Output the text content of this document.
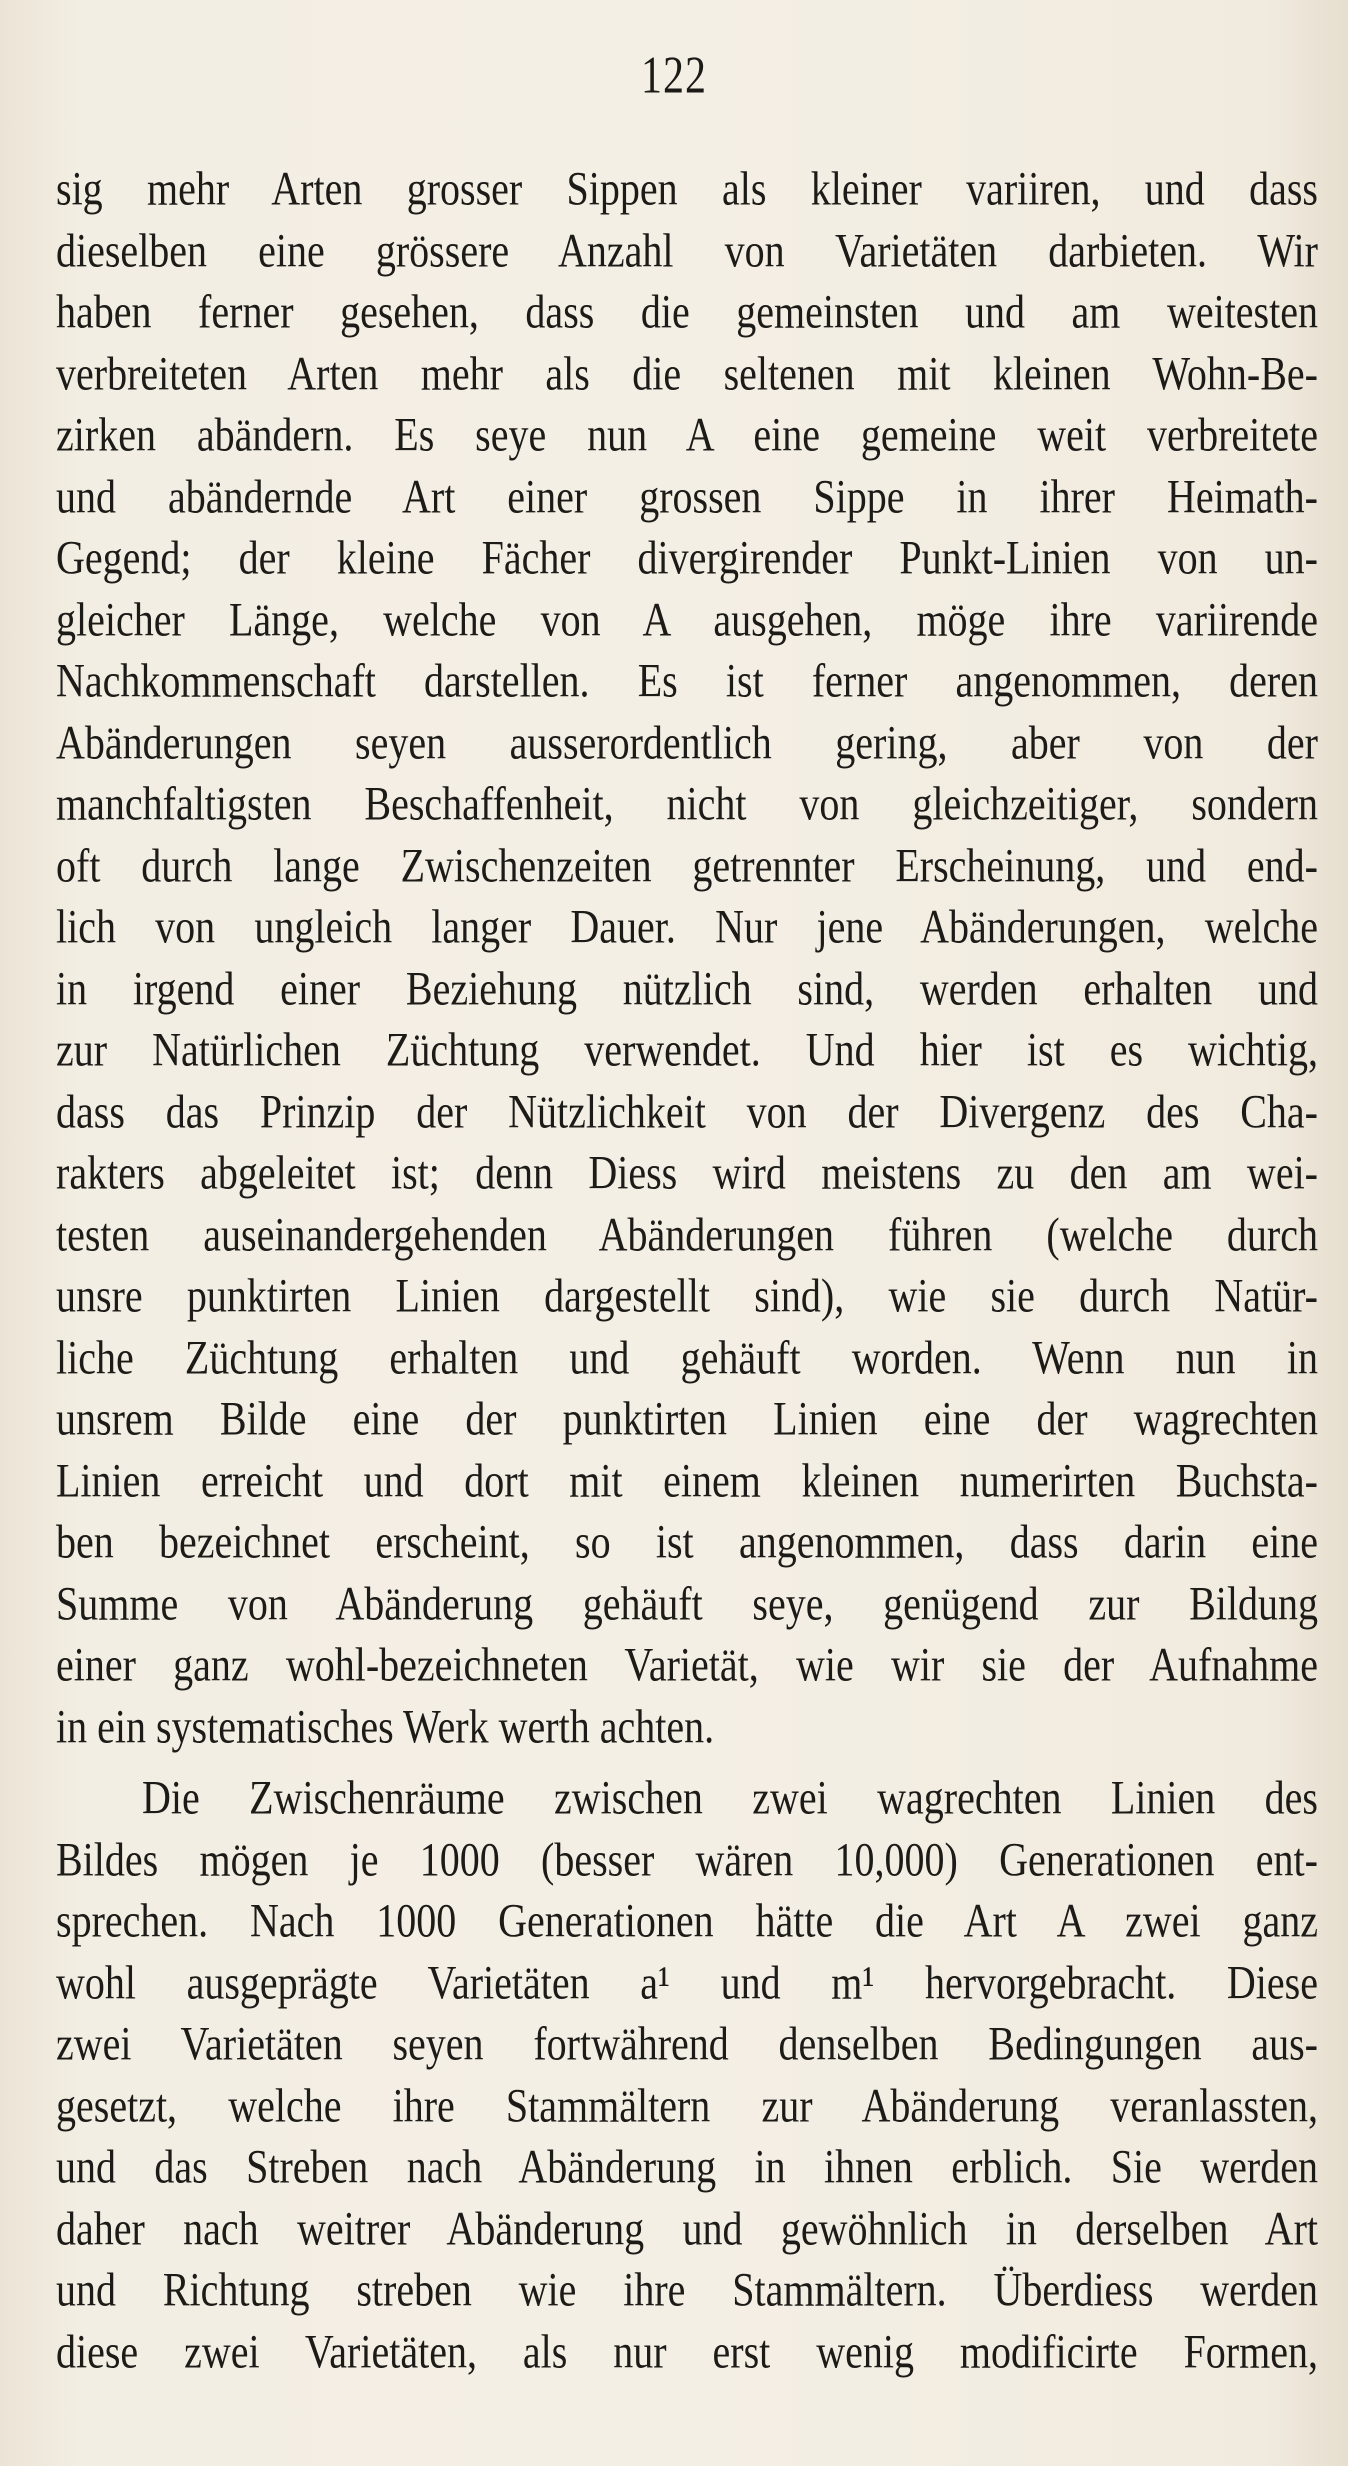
122
sig mehr Arten grosser Sippen als kleiner variiren, und dass
dieselben eine grössere Anzahl von Varietäten darbieten. Wir
haben ferner gesehen, dass die gemeinsten und am weitesten
verbreiteten Arten mehr als die seltenen mit kleinen Wohn-Be-
zirken abändern. Es seye nun A eine gemeine weit verbreitete
und abändernde Art einer grossen Sippe in ihrer Heimath-
Gegend; der kleine Fächer divergirender Punkt-Linien von un-
gleicher Länge, welche von A ausgehen, möge ihre variirende
Nachkommenschaft darstellen. Es ist ferner angenommen, deren
Abänderungen seyen ausserordentlich gering, aber von der
manchfaltigsten Beschaffenheit, nicht von gleichzeitiger, sondern
oft durch lange Zwischenzeiten getrennter Erscheinung, und end-
lich von ungleich langer Dauer. Nur jene Abänderungen, welche
in irgend einer Beziehung nützlich sind, werden erhalten und
zur Natürlichen Züchtung verwendet. Und hier ist es wichtig,
dass das Prinzip der Nützlichkeit von der Divergenz des Cha-
rakters abgeleitet ist; denn Diess wird meistens zu den am wei-
testen auseinandergehenden Abänderungen führen (welche durch
unsre punktirten Linien dargestellt sind), wie sie durch Natür-
liche Züchtung erhalten und gehäuft worden. Wenn nun in
unsrem Bilde eine der punktirten Linien eine der wagrechten
Linien erreicht und dort mit einem kleinen numerirten Buchsta-
ben bezeichnet erscheint, so ist angenommen, dass darin eine
Summe von Abänderung gehäuft seye, genügend zur Bildung
einer ganz wohl-bezeichneten Varietät, wie wir sie der Aufnahme
in ein systematisches Werk werth achten.
Die Zwischenräume zwischen zwei wagrechten Linien des
Bildes mögen je 1000 (besser wären 10,000) Generationen ent-
sprechen. Nach 1000 Generationen hätte die Art A zwei ganz
wohl ausgeprägte Varietäten a¹ und m¹ hervorgebracht. Diese
zwei Varietäten seyen fortwährend denselben Bedingungen aus-
gesetzt, welche ihre Stammältern zur Abänderung veranlassten,
und das Streben nach Abänderung in ihnen erblich. Sie werden
daher nach weitrer Abänderung und gewöhnlich in derselben Art
und Richtung streben wie ihre Stammältern. Überdiess werden
diese zwei Varietäten, als nur erst wenig modificirte Formen,
